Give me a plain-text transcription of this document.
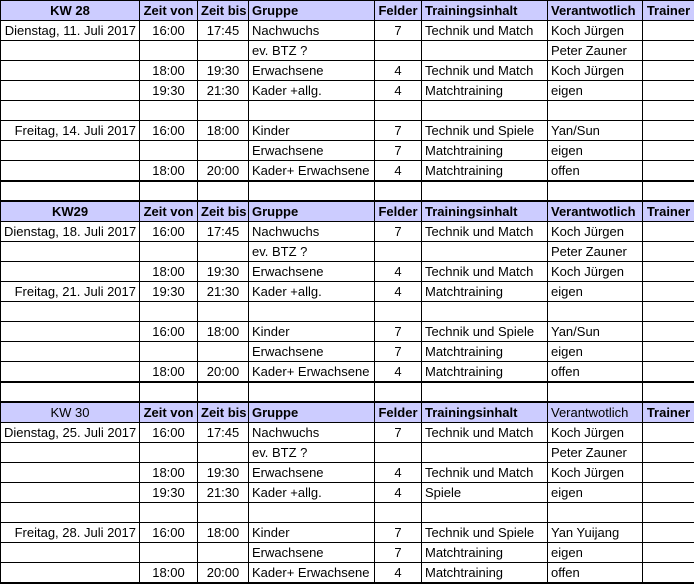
KW 28	Zeit von	Zeit bis	Gruppe	Felder	Trainingsinhalt	Verantwotlich	Trainer
Dienstag, 11. Juli 2017	16:00	17:45	Nachwuchs	7	Technik und Match	Koch Jürgen	
			ev. BTZ ?			Peter Zauner	
	18:00	19:30	Erwachsene	4	Technik und Match	Koch Jürgen	
	19:30	21:30	Kader +allg.	4	Matchtraining	eigen	

Freitag, 14. Juli 2017	16:00	18:00	Kinder	7	Technik und Spiele	Yan/Sun	
			Erwachsene	7	Matchtraining	eigen	
	18:00	20:00	Kader+ Erwachsene	4	Matchtraining	offen	

KW29	Zeit von	Zeit bis	Gruppe	Felder	Trainingsinhalt	Verantwotlich	Trainer
Dienstag, 18. Juli 2017	16:00	17:45	Nachwuchs	7	Technik und Match	Koch Jürgen	
			ev. BTZ ?			Peter Zauner	
	18:00	19:30	Erwachsene	4	Technik und Match	Koch Jürgen	
Freitag, 21. Juli 2017	19:30	21:30	Kader +allg.	4	Matchtraining	eigen	

	16:00	18:00	Kinder	7	Technik und Spiele	Yan/Sun	
			Erwachsene	7	Matchtraining	eigen	
	18:00	20:00	Kader+ Erwachsene	4	Matchtraining	offen	

KW 30	Zeit von	Zeit bis	Gruppe	Felder	Trainingsinhalt	Verantwotlich	Trainer
Dienstag, 25. Juli 2017	16:00	17:45	Nachwuchs	7	Technik und Match	Koch Jürgen	
			ev. BTZ ?			Peter Zauner	
	18:00	19:30	Erwachsene	4	Technik und Match	Koch Jürgen	
	19:30	21:30	Kader +allg.	4	Spiele	eigen	

Freitag, 28. Juli 2017	16:00	18:00	Kinder	7	Technik und Spiele	Yan Yuijang	
			Erwachsene	7	Matchtraining	eigen	
	18:00	20:00	Kader+ Erwachsene	4	Matchtraining	offen	
